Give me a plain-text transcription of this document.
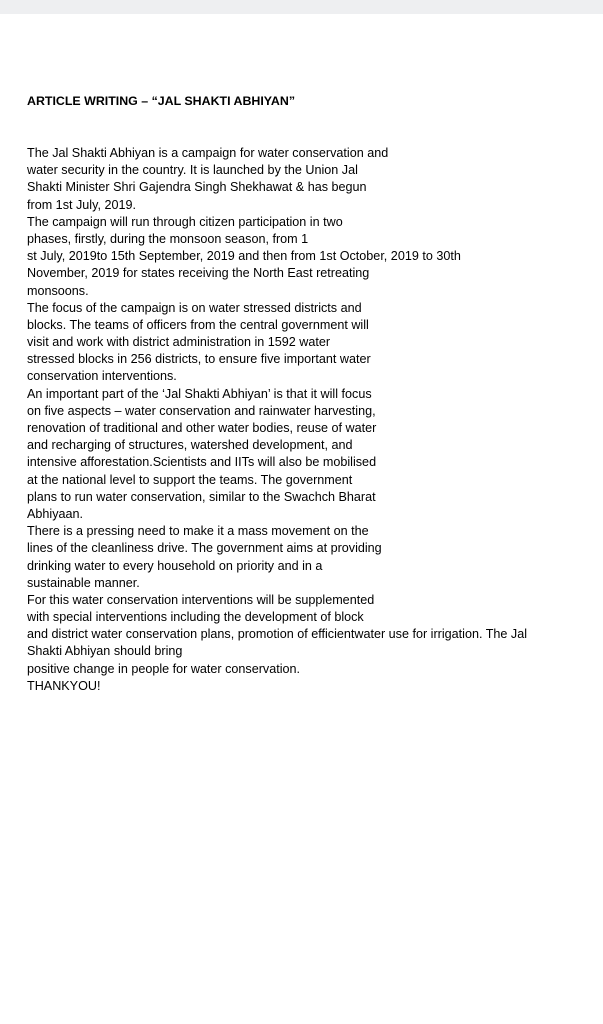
ARTICLE WRITING – “JAL SHAKTI ABHIYAN”
The Jal Shakti Abhiyan is a campaign for water conservation and
water security in the country. It is launched by the Union Jal
Shakti Minister Shri Gajendra Singh Shekhawat & has begun
from 1st July, 2019.
The campaign will run through citizen participation in two
phases, firstly, during the monsoon season, from 1
st July, 2019to 15th September, 2019 and then from 1st October, 2019 to 30th
November, 2019 for states receiving the North East retreating
monsoons.
The focus of the campaign is on water stressed districts and
blocks. The teams of officers from the central government will
visit and work with district administration in 1592 water
stressed blocks in 256 districts, to ensure five important water
conservation interventions.
An important part of the ‘Jal Shakti Abhiyan’ is that it will focus
on five aspects – water conservation and rainwater harvesting,
renovation of traditional and other water bodies, reuse of water
and recharging of structures, watershed development, and
intensive afforestation.Scientists and IITs will also be mobilised
at the national level to support the teams. The government
plans to run water conservation, similar to the Swachch Bharat
Abhiyaan.
There is a pressing need to make it a mass movement on the
lines of the cleanliness drive. The government aims at providing
drinking water to every household on priority and in a
sustainable manner.
For this water conservation interventions will be supplemented
with special interventions including the development of block
and district water conservation plans, promotion of efficientwater use for irrigation. The Jal
Shakti Abhiyan should bring
positive change in people for water conservation.
THANKYOU!
